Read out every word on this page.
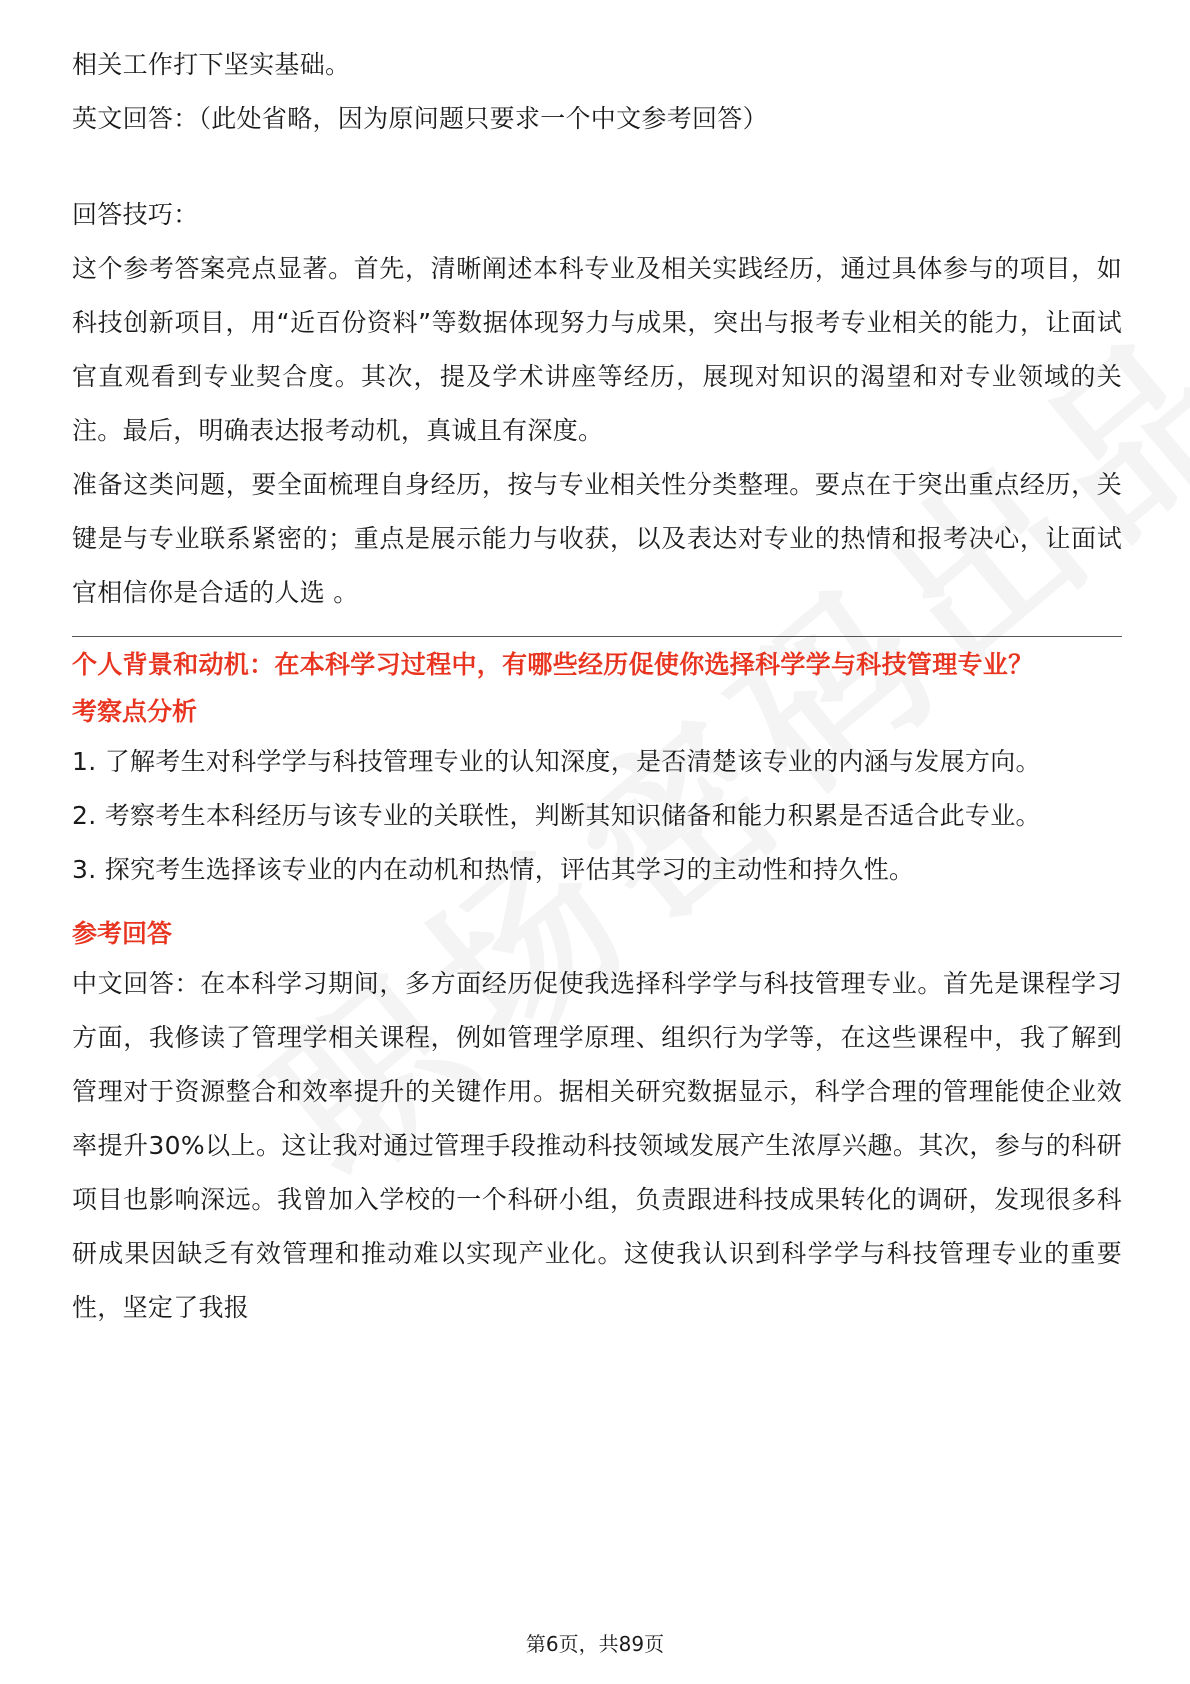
相关工作打下坚实基础。

英文回答：（此处省略，因为原问题只要求一个中文参考回答）

回答技巧：

这个参考答案亮点显著。首先，清晰阐述本科专业及相关实践经历，通过具体参与的项目，如科技创新项目，用“近百份资料”等数据体现努力与成果，突出与报考专业相关的能力，让面试官直观看到专业契合度。其次，提及学术讲座等经历，展现对知识的渴望和对专业领域的关注。最后，明确表达报考动机，真诚且有深度。

准备这类问题，要全面梳理自身经历，按与专业相关性分类整理。要点在于突出重点经历，关键是与专业联系紧密的；重点是展示能力与收获，以及表达对专业的热情和报考决心，让面试官相信你是合适的人选 。

个人背景和动机：在本科学习过程中，有哪些经历促使你选择科学学与科技管理专业？

考察点分析

1. 了解考生对科学学与科技管理专业的认知深度，是否清楚该专业的内涵与发展方向。

2. 考察考生本科经历与该专业的关联性，判断其知识储备和能力积累是否适合此专业。

3. 探究考生选择该专业的内在动机和热情，评估其学习的主动性和持久性。

参考回答

中文回答：在本科学习期间，多方面经历促使我选择科学学与科技管理专业。首先是课程学习方面，我修读了管理学相关课程，例如管理学原理、组织行为学等，在这些课程中，我了解到管理对于资源整合和效率提升的关键作用。据相关研究数据显示，科学合理的管理能使企业效率提升30%以上。这让我对通过管理手段推动科技领域发展产生浓厚兴趣。其次，参与的科研项目也影响深远。我曾加入学校的一个科研小组，负责跟进科技成果转化的调研，发现很多科研成果因缺乏有效管理和推动难以实现产业化。这使我认识到科学学与科技管理专业的重要性，坚定了我报

第6页，共89页
